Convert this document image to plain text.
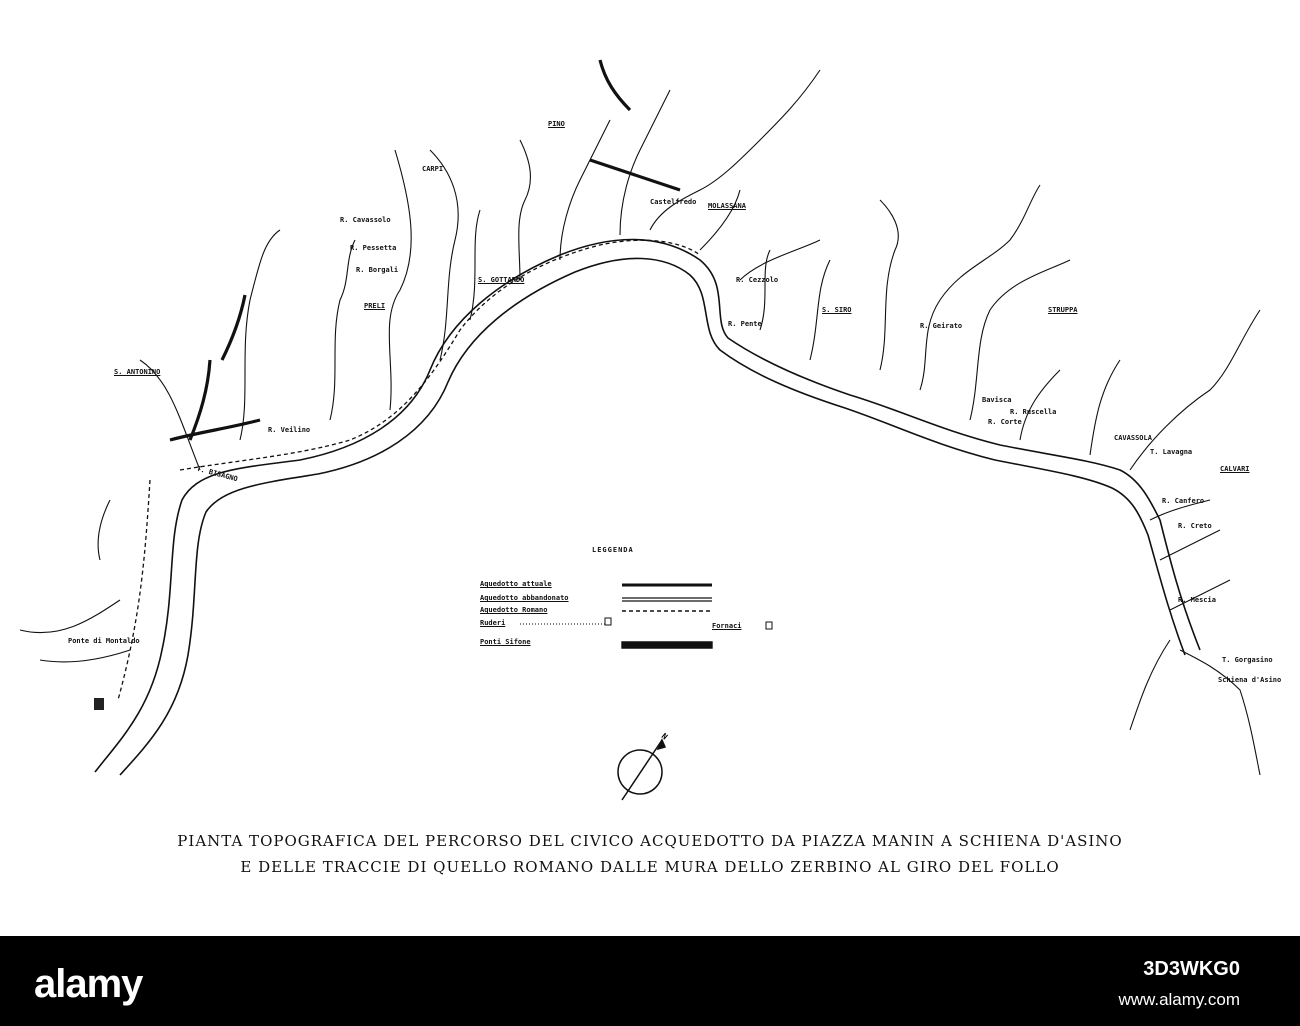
PINO
MOLASSANA
Castelfredo
S. GOTTARDO
PRELI
S. ANTONINO
S. SIRO	STRUPPA
CALVARI
CARPI
R. Cavassolo
R. Pessetta
R. Borgali
T. BISAGNO
Schiena d'Asino
T. Lavagna
R. Canfero
R. Creto
R. Mescia
T. Gorgasino
R. Pente
Bavisca
R. Corte
R. Ruscella
Ponte di Montaldo
R. Geirato
R. Veilino
R. Cezzolo
CAVASSOLA
LEGGENDA
Aquedotto attuale
Aquedotto abbandonato
Aquedotto Romano
Ruderi	Fornaci
Ponti Sifone
N
PIANTA TOPOGRAFICA DEL PERCORSO DEL CIVICO ACQUEDOTTO DA PIAZZA MANIN A SCHIENA D'ASINO
E DELLE TRACCIE DI QUELLO ROMANO DALLE MURA DELLO ZERBINO AL GIRO DEL FOLLO
alamy	3D3WKG0
www.alamy.com
